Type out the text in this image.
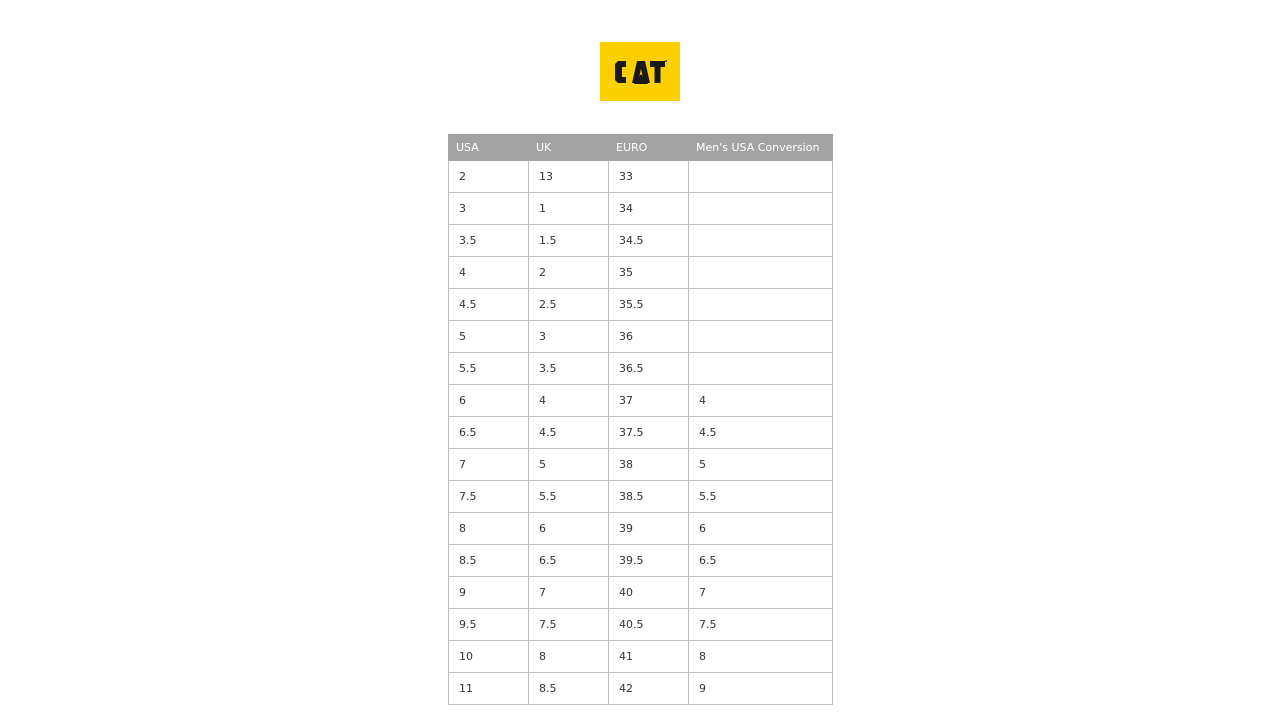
USA	UK	EURO	Men's USA Conversion
2	13	33	
3	1	34	
3.5	1.5	34.5	
4	2	35	
4.5	2.5	35.5	
5	3	36	
5.5	3.5	36.5	
6	4	37	4
6.5	4.5	37.5	4.5
7	5	38	5
7.5	5.5	38.5	5.5
8	6	39	6
8.5	6.5	39.5	6.5
9	7	40	7
9.5	7.5	40.5	7.5
10	8	41	8
11	8.5	42	9
